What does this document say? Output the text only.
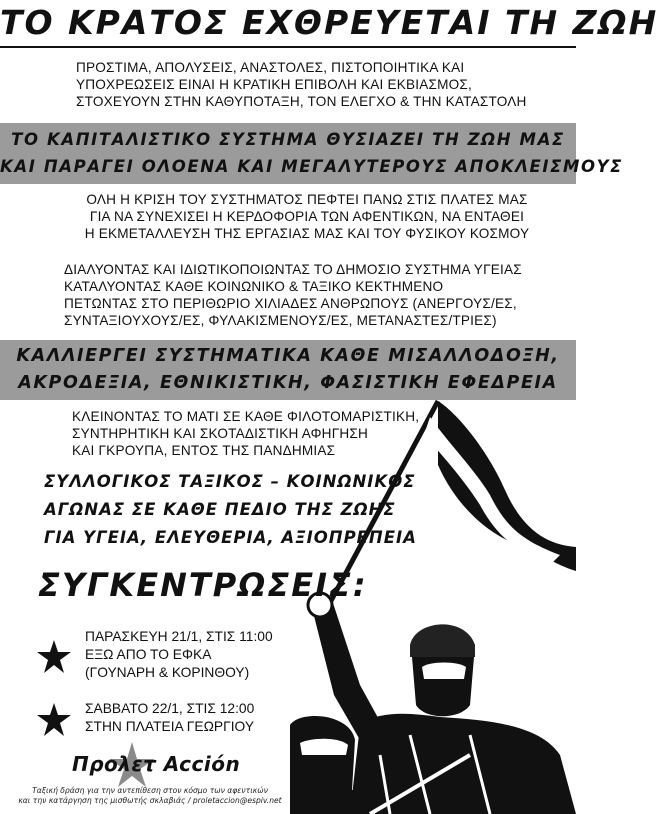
ΤΟ ΚΡΑΤΟΣ ΕΧΘΡΕΥΕΤΑΙ ΤΗ ΖΩΗ
ΠΡΟΣΤΙΜΑ, ΑΠΟΛΥΣΕΙΣ, ΑΝΑΣΤΟΛΕΣ, ΠΙΣΤΟΠΟΙΗΤΙΚΑ ΚΑΙ
ΥΠΟΧΡΕΩΣΕΙΣ ΕΙΝΑΙ Η ΚΡΑΤΙΚΗ ΕΠΙΒΟΛΗ ΚΑΙ ΕΚΒΙΑΣΜΟΣ,
ΣΤΟΧΕΥΟΥΝ ΣΤΗΝ ΚΑΘΥΠΟΤΑΞΗ, ΤΟΝ ΕΛΕΓΧΟ & ΤΗΝ ΚΑΤΑΣΤΟΛΗ
ΤΟ ΚΑΠΙΤΑΛΙΣΤΙΚΟ ΣΥΣΤΗΜΑ ΘΥΣΙΑΖΕΙ ΤΗ ΖΩΗ ΜΑΣ
ΚΑΙ ΠΑΡΑΓΕΙ ΟΛΟΕΝΑ ΚΑΙ ΜΕΓΑΛΥΤΕΡΟΥΣ ΑΠΟΚΛΕΙΣΜΟΥΣ
ΟΛΗ Η ΚΡΙΣΗ ΤΟΥ ΣΥΣΤΗΜΑΤΟΣ ΠΕΦΤΕΙ ΠΑΝΩ ΣΤΙΣ ΠΛΑΤΕΣ ΜΑΣ
ΓΙΑ ΝΑ ΣΥΝΕΧΙΣΕΙ Η ΚΕΡΔΟΦΟΡΙΑ ΤΩΝ ΑΦΕΝΤΙΚΩΝ, ΝΑ ΕΝΤΑΘΕΙ
Η ΕΚΜΕΤΑΛΛΕΥΣΗ ΤΗΣ ΕΡΓΑΣΙΑΣ ΜΑΣ ΚΑΙ ΤΟΥ ΦΥΣΙΚΟΥ ΚΟΣΜΟΥ
ΔΙΑΛΥΟΝΤΑΣ ΚΑΙ ΙΔΙΩΤΙΚΟΠΟΙΩΝΤΑΣ ΤΟ ΔΗΜΟΣΙΟ ΣΥΣΤΗΜΑ ΥΓΕΙΑΣ
ΚΑΤΑΛΥΟΝΤΑΣ ΚΑΘΕ ΚΟΙΝΩΝΙΚΟ & ΤΑΞΙΚΟ ΚΕΚΤΗΜΕΝΟ
ΠΕΤΩΝΤΑΣ ΣΤΟ ΠΕΡΙΘΩΡΙΟ ΧΙΛΙΑΔΕΣ ΑΝΘΡΩΠΟΥΣ (ΑΝΕΡΓΟΥΣ/ΕΣ,
ΣΥΝΤΑΞΙΟΥΧΟΥΣ/ΕΣ, ΦΥΛΑΚΙΣΜΕΝΟΥΣ/ΕΣ, ΜΕΤΑΝΑΣΤΕΣ/ΤΡΙΕΣ)
ΚΑΛΛΙΕΡΓΕΙ ΣΥΣΤΗΜΑΤΙΚΑ ΚΑΘΕ ΜΙΣΑΛΛΟΔΟΞΗ,
ΑΚΡΟΔΕΞΙΑ, ΕΘΝΙΚΙΣΤΙΚΗ, ΦΑΣΙΣΤΙΚΗ ΕΦΕΔΡΕΙΑ
ΚΛΕΙΝΟΝΤΑΣ ΤΟ ΜΑΤΙ ΣΕ ΚΑΘΕ ΦΙΛΟΤΟΜΑΡΙΣΤΙΚΗ,
ΣΥΝΤΗΡΗΤΙΚΗ ΚΑΙ ΣΚΟΤΑΔΙΣΤΙΚΗ ΑΦΗΓΗΣΗ
ΚΑΙ ΓΚΡΟΥΠΑ, ΕΝΤΟΣ ΤΗΣ ΠΑΝΔΗΜΙΑΣ
ΣΥΛΛΟΓΙΚΟΣ ΤΑΞΙΚΟΣ – ΚΟΙΝΩΝΙΚΟΣ
ΑΓΩΝΑΣ ΣΕ ΚΑΘΕ ΠΕΔΙΟ ΤΗΣ ΖΩΗΣ
ΓΙΑ ΥΓΕΙΑ, ΕΛΕΥΘΕΡΙΑ, ΑΞΙΟΠΡΕΠΕΙΑ
ΣΥΓΚΕΝΤΡΩΣΕΙΣ:
ΠΑΡΑΣΚΕΥΗ 21/1, ΣΤΙΣ 11:00
ΕΞΩ ΑΠΟ ΤΟ ΕΦΚΑ
(ΓΟΥΝΑΡΗ & ΚΟΡΙΝΘΟΥ)
ΣΑΒΒΑΤΟ 22/1, ΣΤΙΣ 12:00
ΣΤΗΝ ΠΛΑΤΕΙΑ ΓΕΩΡΓΙΟΥ
Προλετ Acción
Ταξική δράση για την αντεπίθεση στον κόσμο των αφεντικών
και την κατάργηση της μισθωτής σκλαβιάς / proletaccion@espiv.net
